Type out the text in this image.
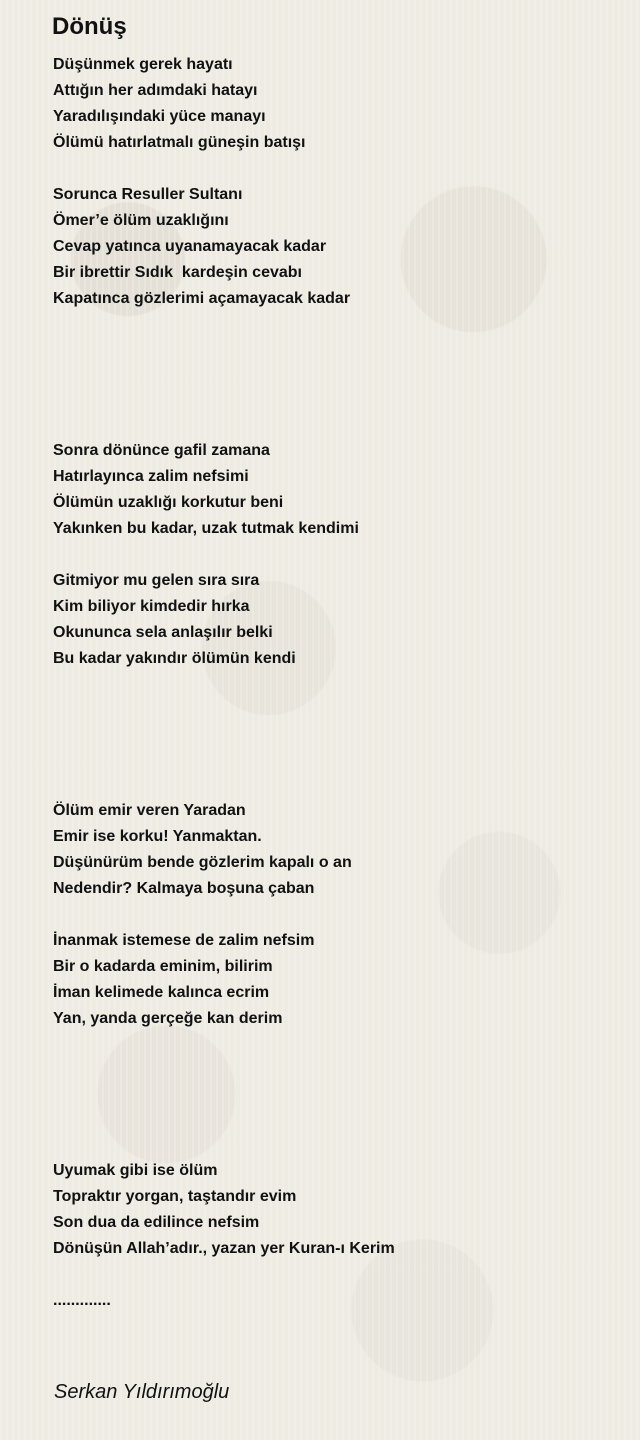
Dönüş

Düşünmek gerek hayatı

Attığın her adımdaki hatayı

Yaradılışındaki yüce manayı

Ölümü hatırlatmalı güneşin batışı

Sorunca Resuller Sultanı

Ömer’e ölüm uzaklığını

Cevap yatınca uyanamayacak kadar

Bir ibrettir Sıdık  kardeşin cevabı

Kapatınca gözlerimi açamayacak kadar

Sonra dönünce gafil zamana

Hatırlayınca zalim nefsimi

Ölümün uzaklığı korkutur beni

Yakınken bu kadar, uzak tutmak kendimi

Gitmiyor mu gelen sıra sıra

Kim biliyor kimdedir hırka

Okununca sela anlaşılır belki

Bu kadar yakındır ölümün kendi

Ölüm emir veren Yaradan

Emir ise korku! Yanmaktan.

Düşünürüm bende gözlerim kapalı o an

Nedendir? Kalmaya boşuna çaban

İnanmak istemese de zalim nefsim

Bir o kadarda eminim, bilirim

İman kelimede kalınca ecrim

Yan, yanda gerçeğe kan derim

Uyumak gibi ise ölüm

Topraktır yorgan, taştandır evim

Son dua da edilince nefsim

Dönüşün Allah’adır., yazan yer Kuran-ı Kerim

.............

Serkan Yıldırımoğlu
